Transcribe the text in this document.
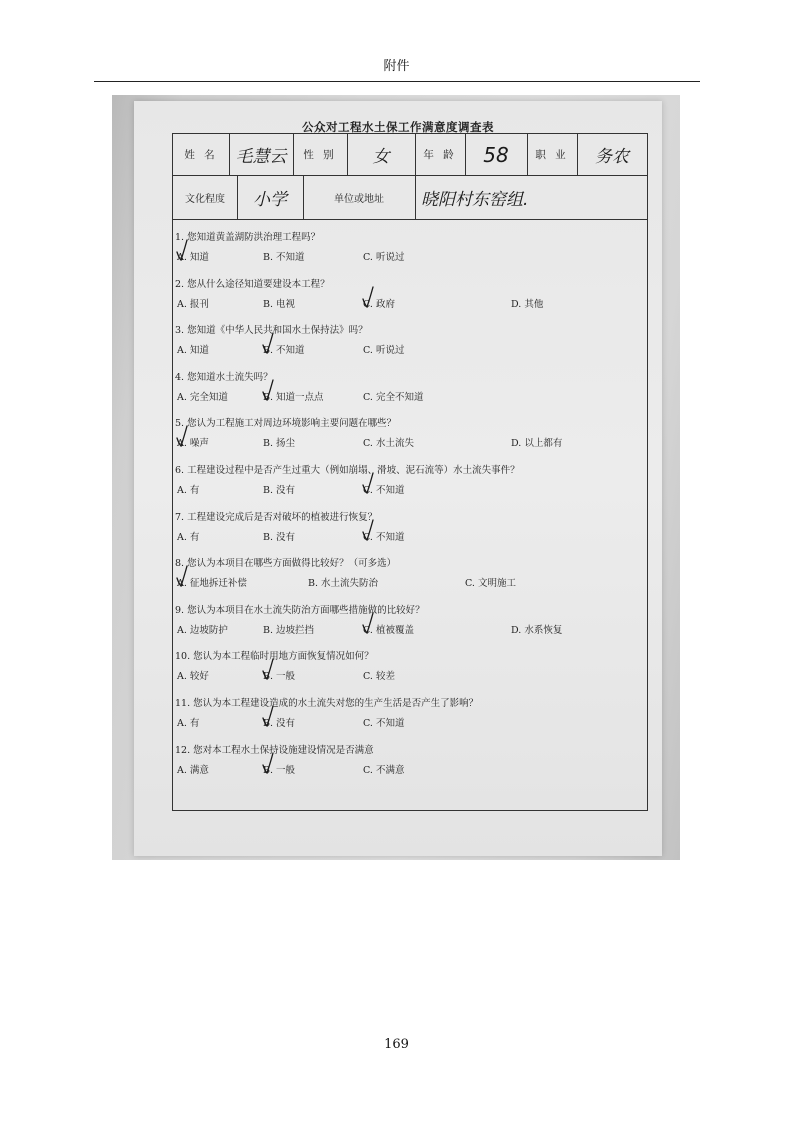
附件
公众对工程水土保工作满意度调查表
姓 名	毛慧云	性 别	女	年 龄	58	职 业	务农
文化程度	小学	单位或地址	晓阳村东窑组.
1. 您知道黄盖湖防洪治理工程吗？
A. 知道	B. 不知道	C. 听说过
2. 您从什么途径知道要建设本工程？
A. 报刊	B. 电视	C. 政府	D. 其他
3. 您知道《中华人民共和国水土保持法》吗？
A. 知道	B. 不知道	C. 听说过
4. 您知道水土流失吗？
A. 完全知道	B. 知道一点点	C. 完全不知道
5. 您认为工程施工对周边环境影响主要问题在哪些？
A. 噪声	B. 扬尘	C. 水土流失	D. 以上都有
6. 工程建设过程中是否产生过重大（例如崩塌、滑坡、泥石流等）水土流失事件？
A. 有	B. 没有	C. 不知道
7. 工程建设完成后是否对破坏的植被进行恢复？
A. 有	B. 没有	C. 不知道
8. 您认为本项目在哪些方面做得比较好？（可多选）
A. 征地拆迁补偿	B. 水土流失防治	C. 文明施工
9. 您认为本项目在水土流失防治方面哪些措施做的比较好？
A. 边坡防护	B. 边坡拦挡	C. 植被覆盖	D. 水系恢复
10. 您认为本工程临时用地方面恢复情况如何？
A. 较好	B. 一般	C. 较差
11. 您认为本工程建设造成的水土流失对您的生产生活是否产生了影响？
A. 有	B. 没有	C. 不知道
12. 您对本工程水土保持设施建设情况是否满意
A. 满意	B. 一般	C. 不满意
169
